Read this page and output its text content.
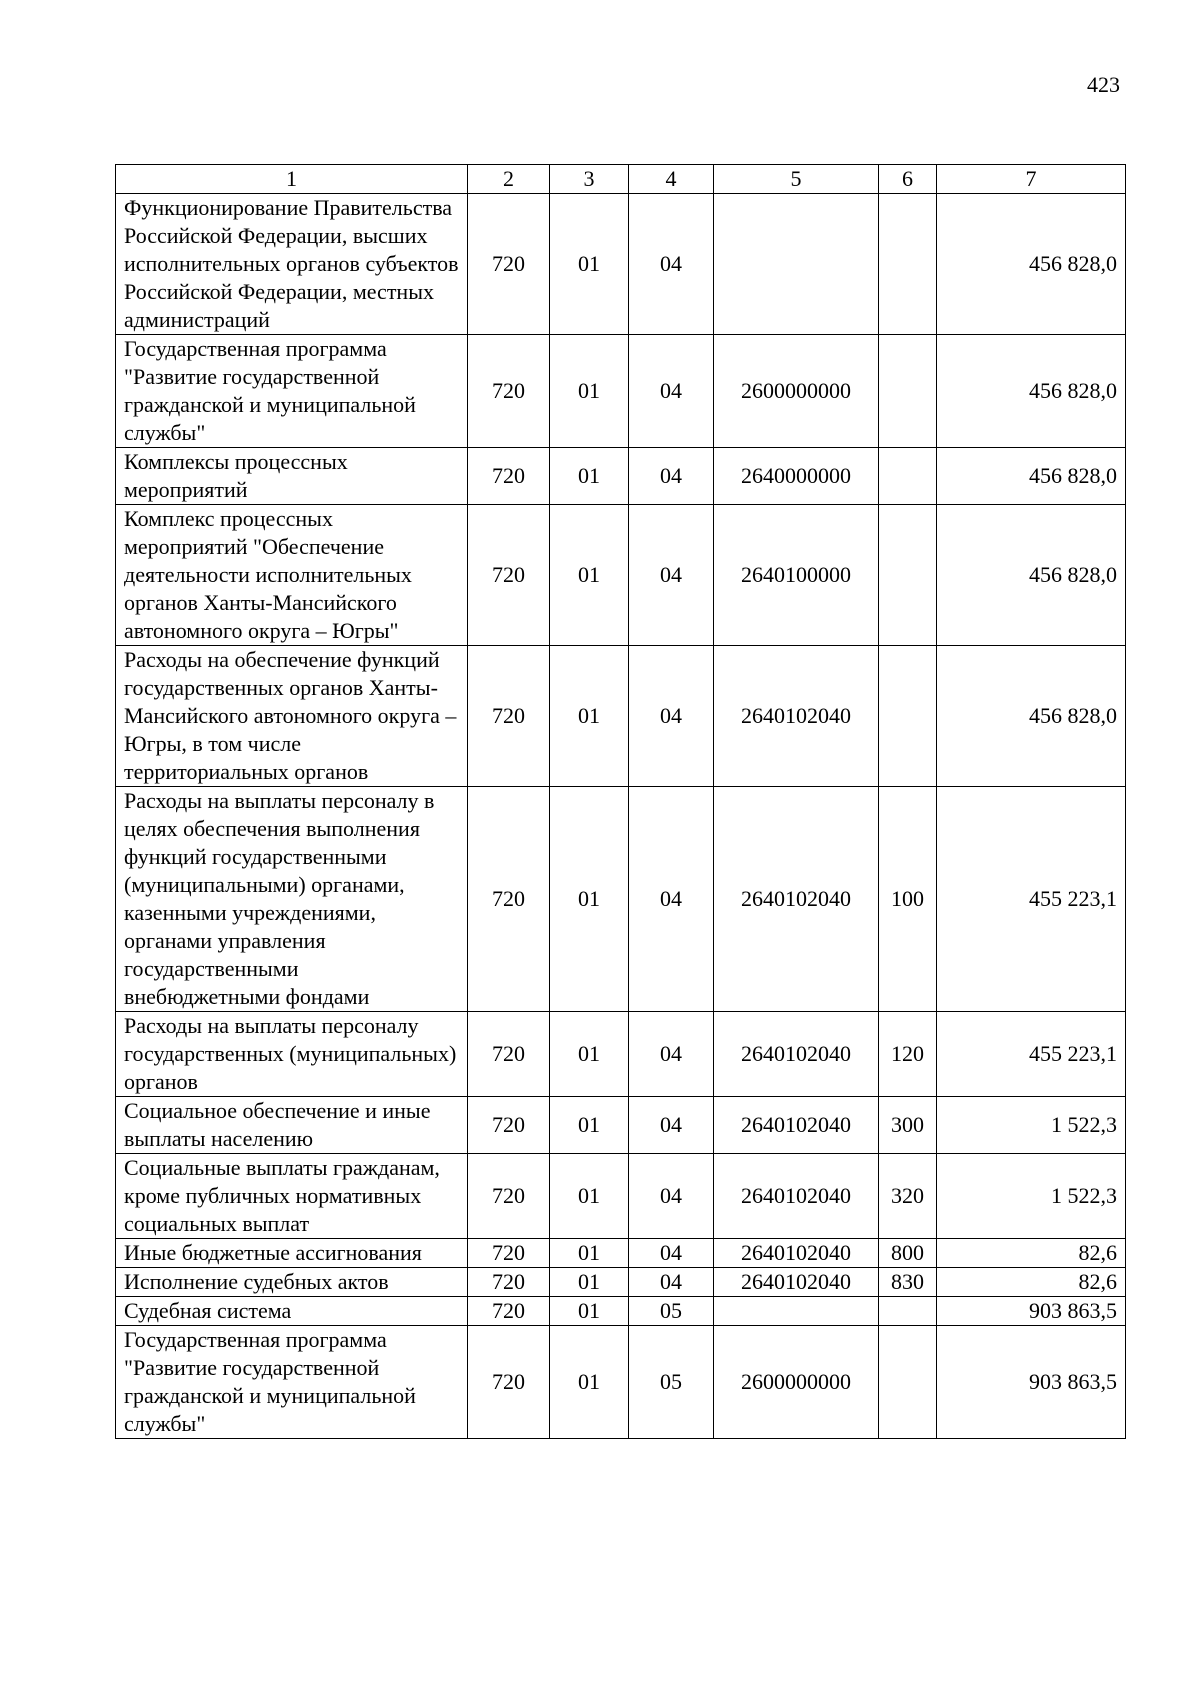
423
1	2	3	4	5	6	7
Функционирование Правительства Российской Федерации, высших исполнительных органов субъектов Российской Федерации, местных администраций	720	01	04			456 828,0
Государственная программа "Развитие государственной гражданской и муниципальной службы"	720	01	04	2600000000		456 828,0
Комплексы процессных мероприятий	720	01	04	2640000000		456 828,0
Комплекс процессных мероприятий "Обеспечение деятельности исполнительных органов Ханты-Мансийского автономного округа – Югры"	720	01	04	2640100000		456 828,0
Расходы на обеспечение функций государственных органов Ханты-Мансийского автономного округа – Югры, в том числе территориальных органов	720	01	04	2640102040		456 828,0
Расходы на выплаты персоналу в целях обеспечения выполнения функций государственными (муниципальными) органами, казенными учреждениями, органами управления государственными внебюджетными фондами	720	01	04	2640102040	100	455 223,1
Расходы на выплаты персоналу государственных (муниципальных) органов	720	01	04	2640102040	120	455 223,1
Социальное обеспечение и иные выплаты населению	720	01	04	2640102040	300	1 522,3
Социальные выплаты гражданам, кроме публичных нормативных социальных выплат	720	01	04	2640102040	320	1 522,3
Иные бюджетные ассигнования	720	01	04	2640102040	800	82,6
Исполнение судебных актов	720	01	04	2640102040	830	82,6
Судебная система	720	01	05			903 863,5
Государственная программа "Развитие государственной гражданской и муниципальной службы"	720	01	05	2600000000		903 863,5
